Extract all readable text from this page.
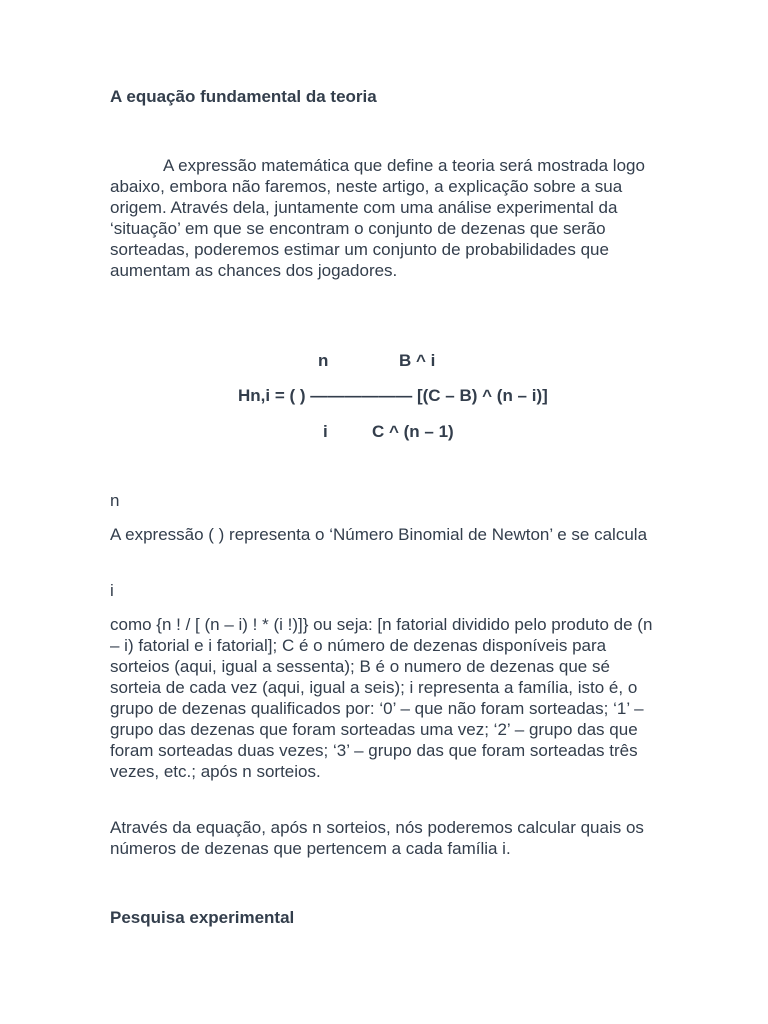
A equação fundamental da teoria

A expressão matemática que define a teoria será mostrada logo abaixo, embora não faremos, neste artigo, a explicação sobre a sua origem. Através dela, juntamente com uma análise experimental da ‘situação’ em que se encontram o conjunto de dezenas que serão sorteadas, poderemos estimar um conjunto de probabilidades que aumentam as chances dos jogadores.

n	B ^ i
Hn,i = ( ) —————— [(C – B) ^ (n – i)]
i	C ^ (n – 1)
n

A expressão ( ) representa o ‘Número Binomial de Newton’ e se calcula

i

como {n ! / [ (n – i) ! * (i !)]} ou seja: [n fatorial dividido pelo produto de (n – i) fatorial e i fatorial]; C é o número de dezenas disponíveis para sorteios (aqui, igual a sessenta); B é o numero de dezenas que sé sorteia de cada vez (aqui, igual a seis); i representa a família, isto é, o grupo de dezenas qualificados por: ‘0’ – que não foram sorteadas; ‘1’ – grupo das dezenas que foram sorteadas uma vez; ‘2’ – grupo das que foram sorteadas duas vezes; ‘3’ – grupo das que foram sorteadas três vezes, etc.; após n sorteios.

Através da equação, após n sorteios, nós poderemos calcular quais os números de dezenas que pertencem a cada família i.

Pesquisa experimental
